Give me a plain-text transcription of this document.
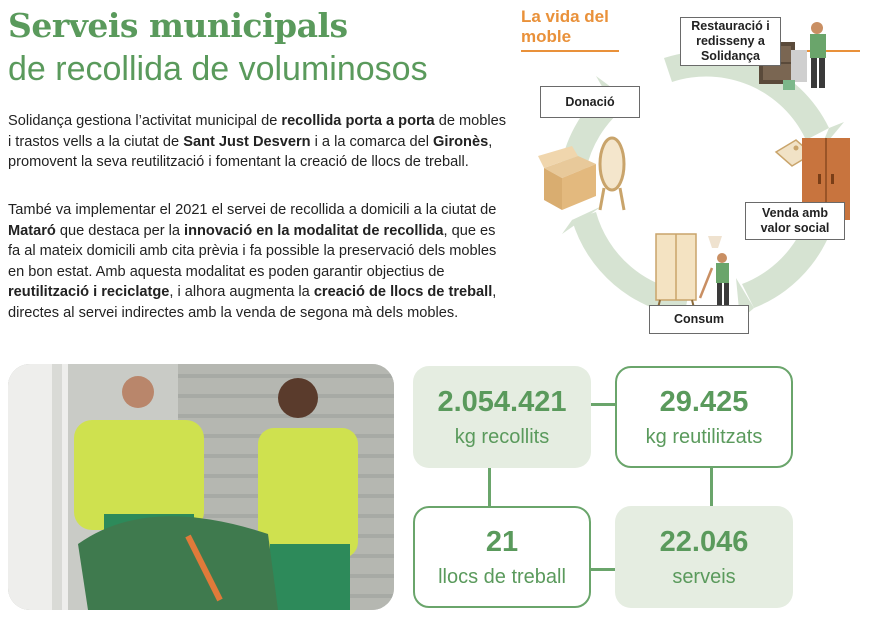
Serveis municipals
de recollida de voluminosos

Solidança gestiona l’activitat municipal de recollida porta a porta de mobles i trastos vells a la ciutat de Sant Just Desvern i a la comarca del Gironès, promovent la seva reutilització i fomentant la creació de llocs de treball.

També va implementar el 2021 el servei de recollida a domicili a la ciutat de Mataró que destaca per la innovació en la modalitat de recollida, que es fa al mateix domicili amb cita prèvia i fa possible la preservació dels mobles en bon estat. Amb aquesta modalitat es poden garantir objectius de reutilització i reciclatge, i alhora augmenta la creació de llocs de treball, directes al servei indirectes amb la venda de segona mà dels mobles.

La vida del moble
Restauració i redisseny a Solidança
Donació
Venda amb valor social
Consum
2.054.421
kg recollits
29.425
kg reutilitzats
21
llocs de treball
22.046
serveis
